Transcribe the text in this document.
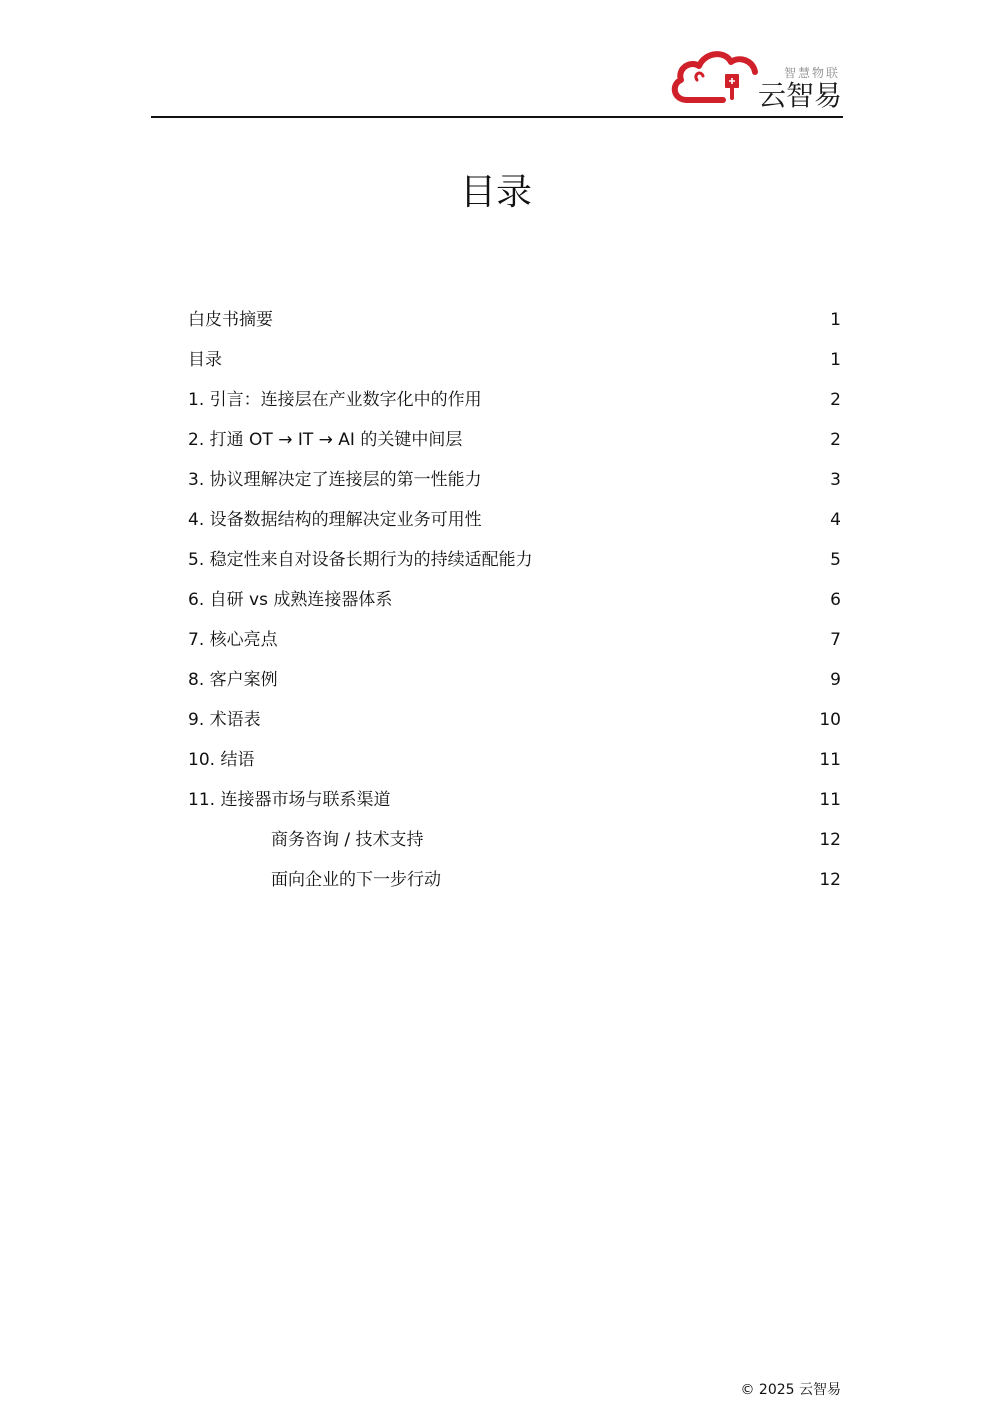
智慧物联
云智易
目录
白皮书摘要	1
目录	1
1. 引言：连接层在产业数字化中的作用	2
2. 打通 OT → IT → AI 的关键中间层	2
3. 协议理解决定了连接层的第一性能力	3
4. 设备数据结构的理解决定业务可用性	4
5. 稳定性来自对设备长期行为的持续适配能力	5
6. 自研 vs 成熟连接器体系	6
7. 核心亮点	7
8. 客户案例	9
9. 术语表	10
10. 结语	11
11. 连接器市场与联系渠道	11
商务咨询 / 技术支持	12
面向企业的下一步行动	12
© 2025 云智易
